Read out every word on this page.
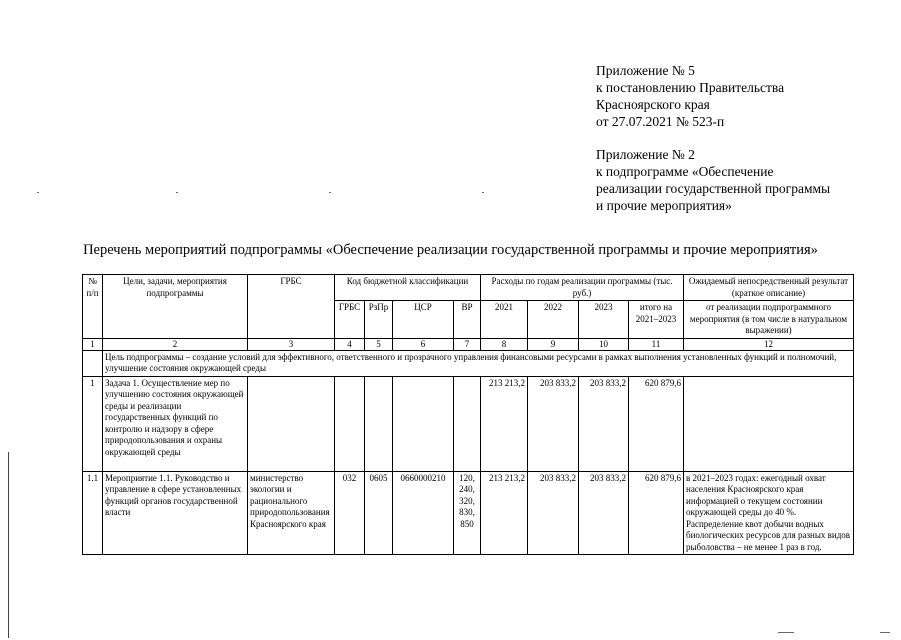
Приложение № 5
к постановлению Правительства
Красноярского края
от 27.07.2021 № 523-п
Приложение № 2
к подпрограмме «Обеспечение
реализации государственной программы
и прочие мероприятия»
Перечень мероприятий подпрограммы «Обеспечение реализации государственной программы и прочие мероприятия»
№ п/п	Цели, задачи, мероприятия подпрограммы	ГРБС	Код бюджетной классификации				Расходы по годам реализации программы (тыс. руб.)				Ожидаемый непосредственный результат (краткое описание)
			ГРБС	РзПр	ЦСР	ВР	2021	2022	2023	итого на 2021–2023	от реализации подпрограммного мероприятия (в том числе в натуральном выражении)
1	2	3	4	5	6	7	8	9	10	11	12
	Цель подпрограммы – создание условий для эффективного, ответственного и прозрачного управления финансовыми ресурсами в рамках выполнения установленных функций и полномочий, улучшение состояния окружающей среды										
1	Задача 1. Осуществление мер по улучшению состояния окружающей среды и реализации государственных функций по контролю и надзору в сфере природопользования и охраны окружающей среды						213 213,2	203 833,2	203 833,2	620 879,6	
1.1	Мероприятие 1.1. Руководство и управление в сфере установленных функций органов государственной власти	министерство экологии и рационального природопользования Красноярского края	032	0605	0660000210	120, 240, 320, 830, 850	213 213,2	203 833,2	203 833,2	620 879,6	в 2021–2023 годах: ежегодный охват населения Красноярского края информацией о текущем состоянии окружающей среды до 40 %. Распределение квот добычи водных биологических ресурсов для разных видов рыболовства – не менее 1 раз в год.
